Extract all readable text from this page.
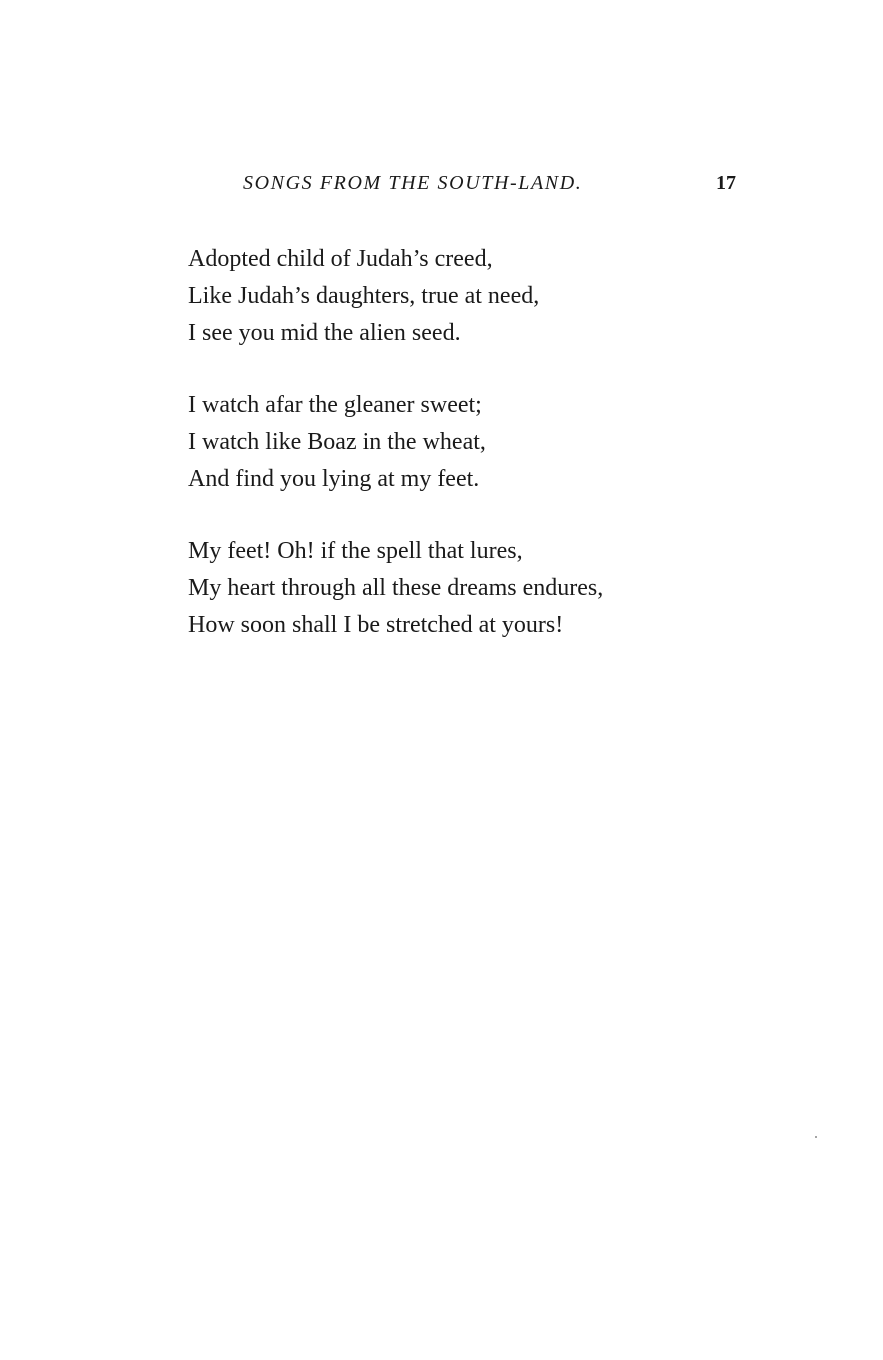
SONGS FROM THE SOUTH-LAND.	17
Adopted child of Judah’s creed,
Like Judah’s daughters, true at need,
I see you mid the alien seed.
I watch afar the gleaner sweet;
I watch like Boaz in the wheat,
And find you lying at my feet.
My feet! Oh! if the spell that lures,
My heart through all these dreams endures,
How soon shall I be stretched at yours!
